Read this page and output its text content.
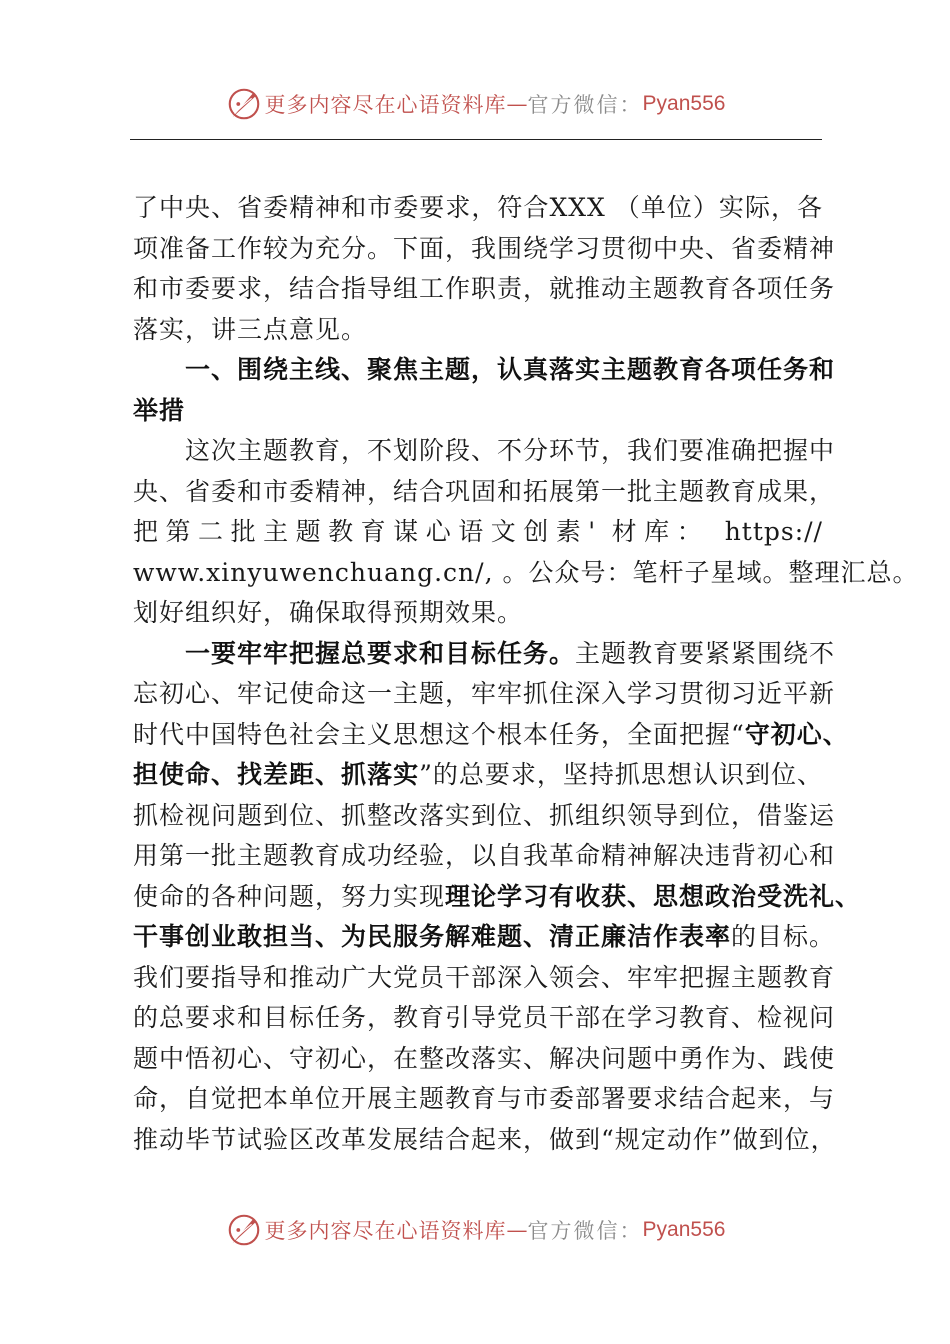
更多内容尽在心语资料库 — 官方微信： Pyan556
了中央、省委精神和市委要求，符合XXX （单位）实际，各
项准备工作较为充分。下面，我围绕学习贯彻中央、省委精神
和市委要求，结合指导组工作职责，就推动主题教育各项任务
落实，讲三点意见。
一、围绕主线、聚焦主题，认真落实主题教育各项任务和
举措
这次主题教育，不划阶段、不分环节，我们要准确把握中
央、省委和市委精神，结合巩固和拓展第一批主题教育成果，
把第二批主题教育谋心语文创素' 材库： https://
www.xinyuwenchuang.cn/, 。公众号：笔杆子星域。整理汇总。
划好组织好，确保取得预期效果。
一要牢牢把握总要求和目标任务。主题教育要紧紧围绕不
忘初心、牢记使命这一主题，牢牢抓住深入学习贯彻习近平新
时代中国特色社会主义思想这个根本任务，全面把握“守初心、
担使命、找差距、抓落实”的总要求，坚持抓思想认识到位、
抓检视问题到位、抓整改落实到位、抓组织领导到位，借鉴运
用第一批主题教育成功经验，以自我革命精神解决违背初心和
使命的各种问题，努力实现理论学习有收获、思想政治受洗礼、
干事创业敢担当、为民服务解难题、清正廉洁作表率的目标。
我们要指导和推动广大党员干部深入领会、牢牢把握主题教育
的总要求和目标任务，教育引导党员干部在学习教育、检视问
题中悟初心、守初心，在整改落实、解决问题中勇作为、践使
命，自觉把本单位开展主题教育与市委部署要求结合起来，与
推动毕节试验区改革发展结合起来，做到“规定动作”做到位，
更多内容尽在心语资料库 — 官方微信： Pyan556
